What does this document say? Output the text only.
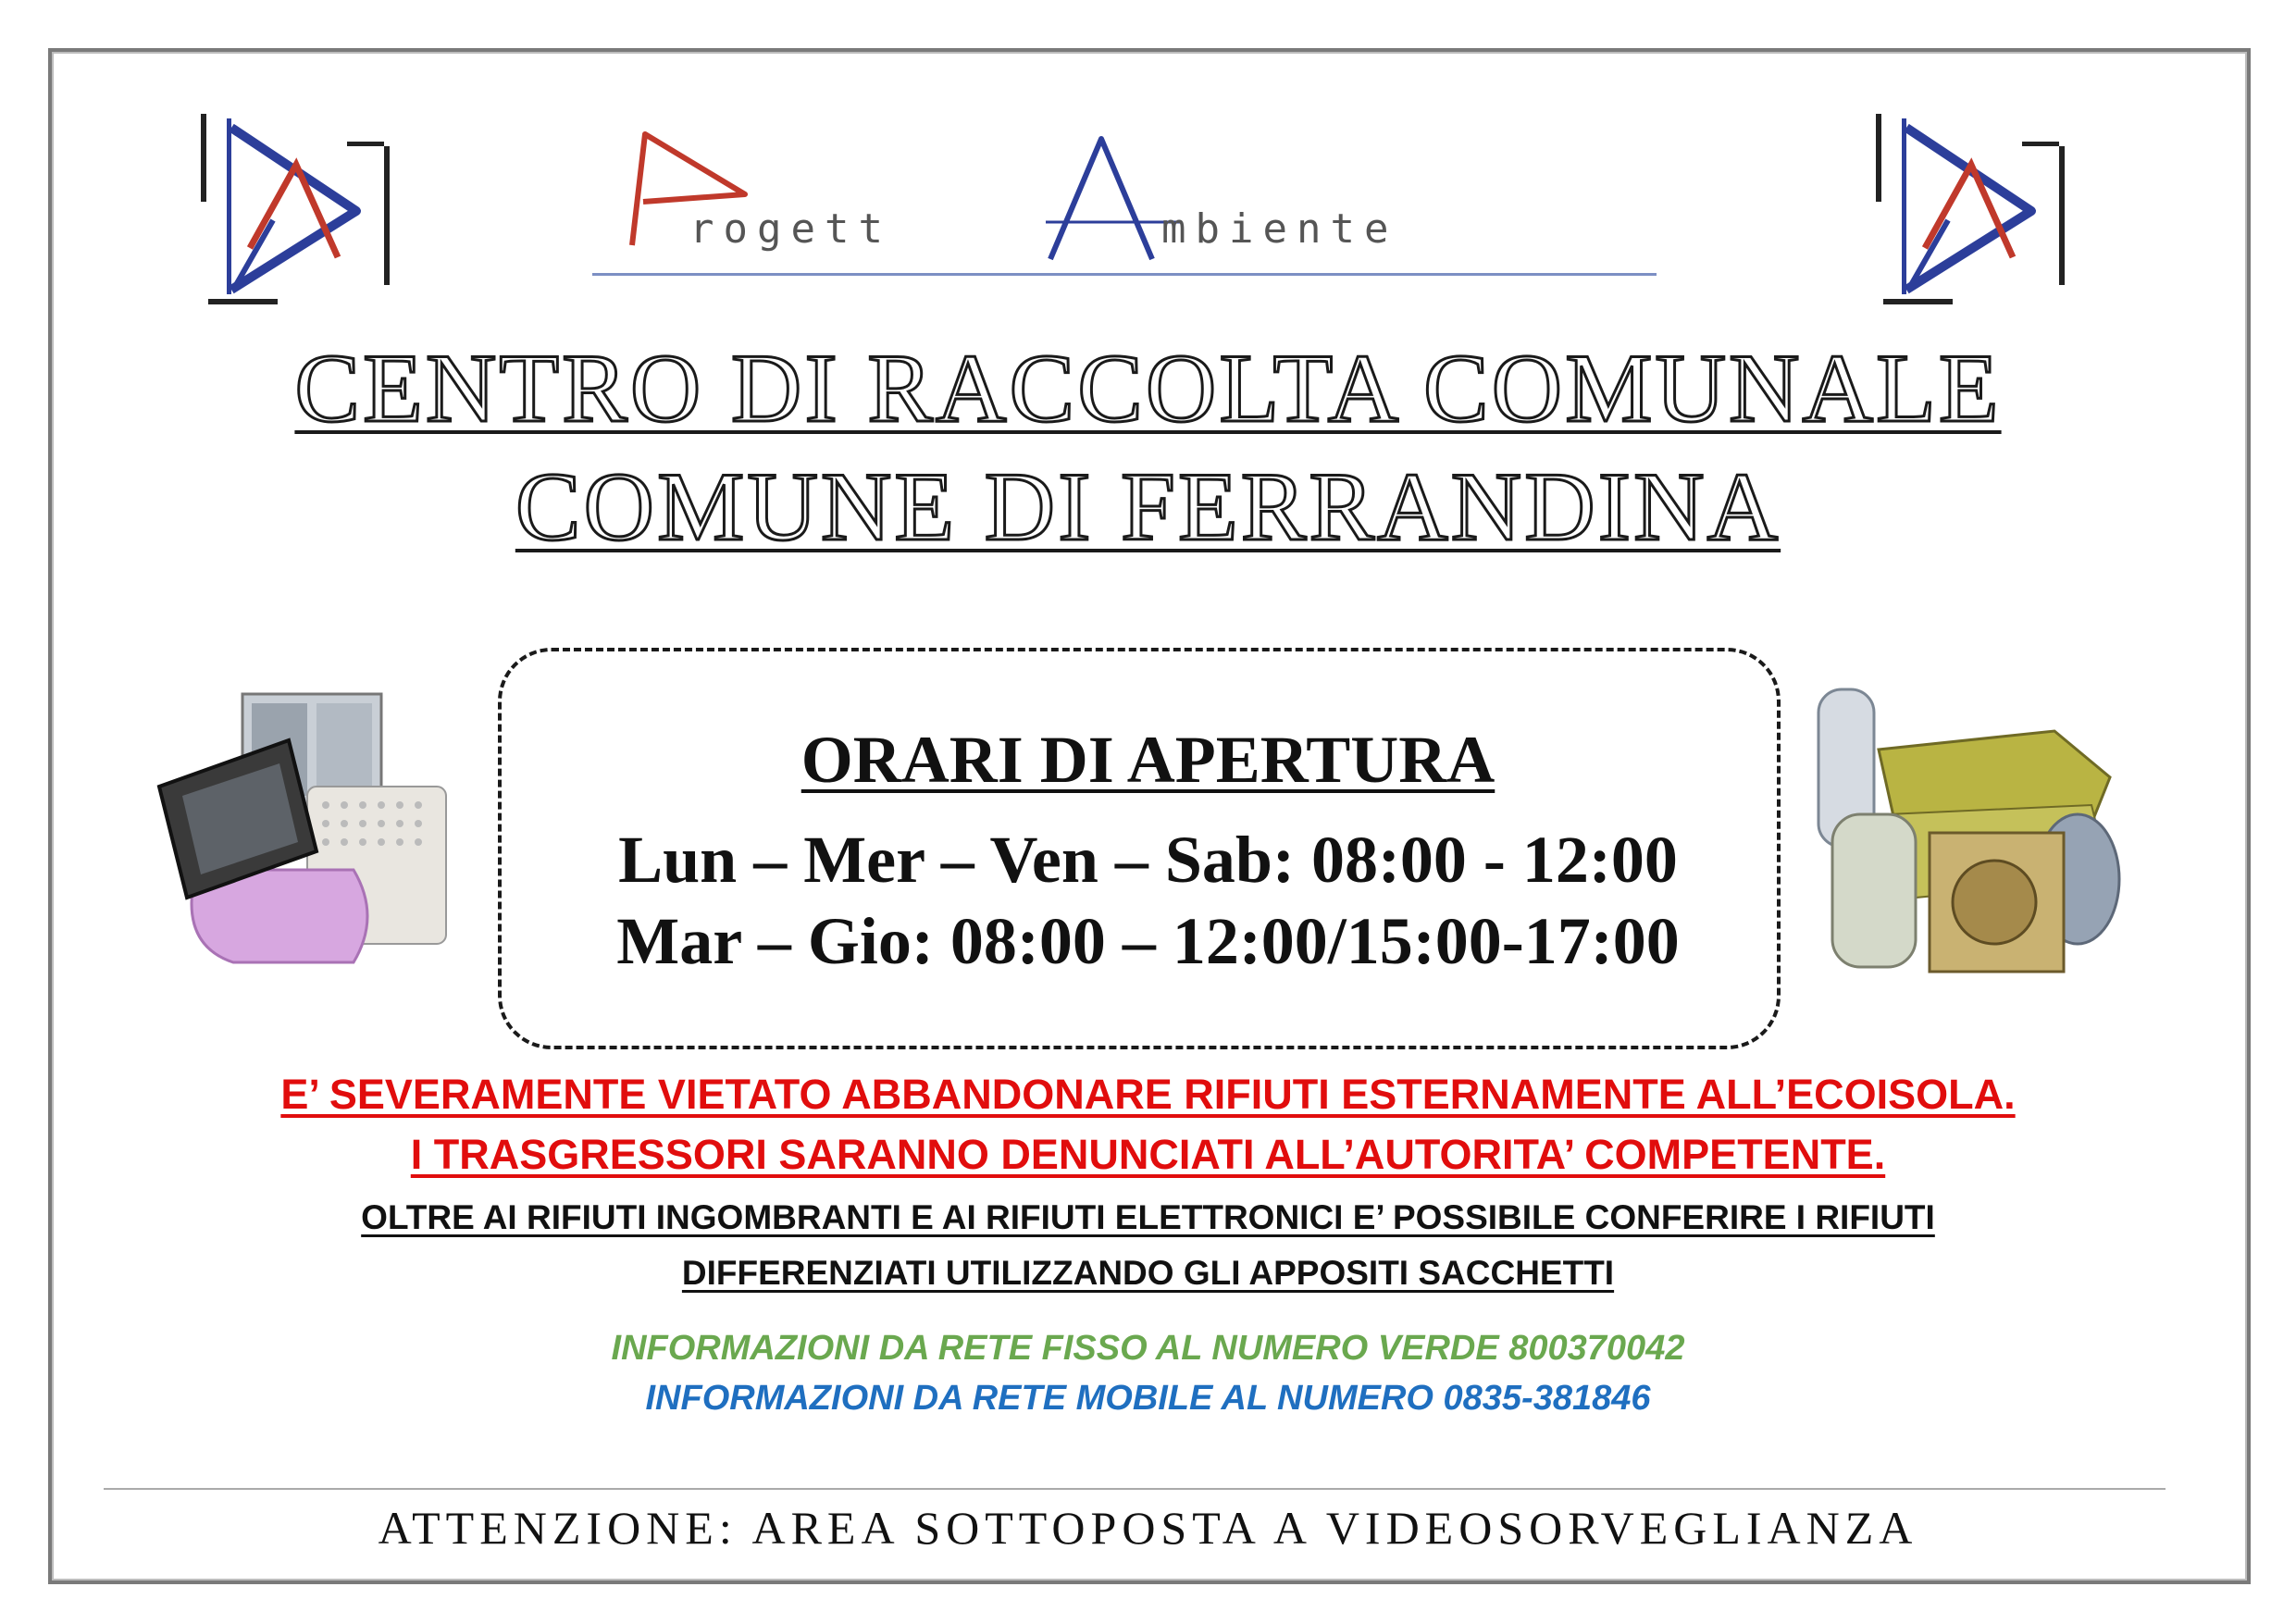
rogett	mbiente
CENTRO DI RACCOLTA COMUNALE
COMUNE DI FERRANDINA
ORARI DI APERTURA
Lun – Mer – Ven – Sab: 08:00 - 12:00
Mar – Gio: 08:00 – 12:00/15:00-17:00
E’ SEVERAMENTE VIETATO ABBANDONARE RIFIUTI ESTERNAMENTE ALL’ECOISOLA.
I TRASGRESSORI SARANNO DENUNCIATI ALL’AUTORITA’ COMPETENTE.
OLTRE AI RIFIUTI INGOMBRANTI E AI RIFIUTI ELETTRONICI E’ POSSIBILE CONFERIRE I RIFIUTI
DIFFERENZIATI UTILIZZANDO GLI APPOSITI SACCHETTI
INFORMAZIONI DA RETE FISSO AL NUMERO VERDE 800370042
INFORMAZIONI DA RETE MOBILE AL NUMERO 0835-381846
ATTENZIONE: AREA SOTTOPOSTA A VIDEOSORVEGLIANZA
